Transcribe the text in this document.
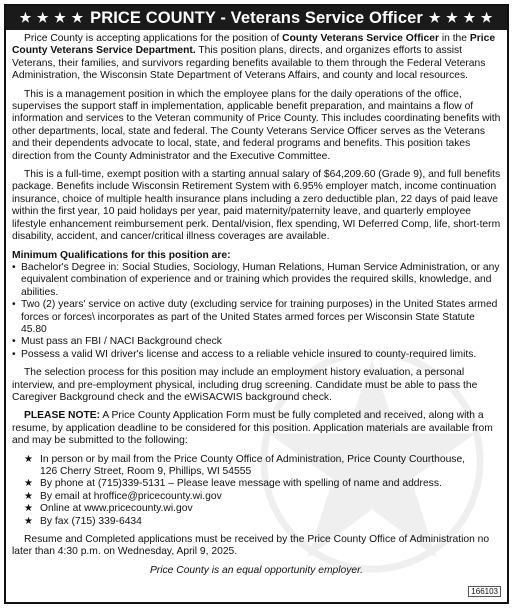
★ ★ ★ ★ PRICE COUNTY - Veterans Service Officer ★ ★ ★ ★

Price County is accepting applications for the position of County Veterans Service Officer in the Price County Veterans Service Department. This position plans, directs, and organizes efforts to assist Veterans, their families, and survivors regarding benefits available to them through the Federal Veterans Administration, the Wisconsin State Department of Veterans Affairs, and county and local resources.

This is a management position in which the employee plans for the daily operations of the office, supervises the support staff in implementation, applicable benefit preparation, and maintains a flow of information and services to the Veteran community of Price County. This includes coordinating benefits with other departments, local, state and federal. The County Veterans Service Officer serves as the Veterans and their dependents advocate to local, state, and federal programs and benefits. This position takes direction from the County Administrator and the Executive Committee.

This is a full-time, exempt position with a starting annual salary of $64,209.60 (Grade 9), and full benefits package. Benefits include Wisconsin Retirement System with 6.95% employer match, income continuation insurance, choice of multiple health insurance plans including a zero deductible plan, 22 days of paid leave within the first year, 10 paid holidays per year, paid maternity/paternity leave, and quarterly employee lifestyle enhancement reimbursement perk. Dental/vision, flex spending, WI Deferred Comp, life, short-term disability, accident, and cancer/critical illness coverages are available.

Minimum Qualifications for this position are:
• Bachelor's Degree in: Social Studies, Sociology, Human Relations, Human Service Administration, or any equivalent combination of experience and or training which provides the required skills, knowledge, and abilities.
• Two (2) years' service on active duty (excluding service for training purposes) in the United States armed forces or forces\ incorporates as part of the United States armed forces per Wisconsin State Statute 45.80
• Must pass an FBI / NACI Background check
• Possess a valid WI driver's license and access to a reliable vehicle insured to county-required limits.

The selection process for this position may include an employment history evaluation, a personal interview, and pre-employment physical, including drug screening. Candidate must be able to pass the Caregiver Background check and the eWiSACWIS background check.

PLEASE NOTE: A Price County Application Form must be fully completed and received, along with a resume, by application deadline to be considered for this position. Application materials are available from and may be submitted to the following:

★ In person or by mail from the Price County Office of Administration, Price County Courthouse,
126 Cherry Street, Room 9, Phillips, WI 54555
★ By phone at (715)339-5131 – Please leave message with spelling of name and address.
★ By email at hroffice@pricecounty.wi.gov
★ Online at www.pricecounty.wi.gov
★ By fax (715) 339-6434

Resume and Completed applications must be received by the Price County Office of Administration no later than 4:30 p.m. on Wednesday, April 9, 2025.

Price County is an equal opportunity employer.
166103
